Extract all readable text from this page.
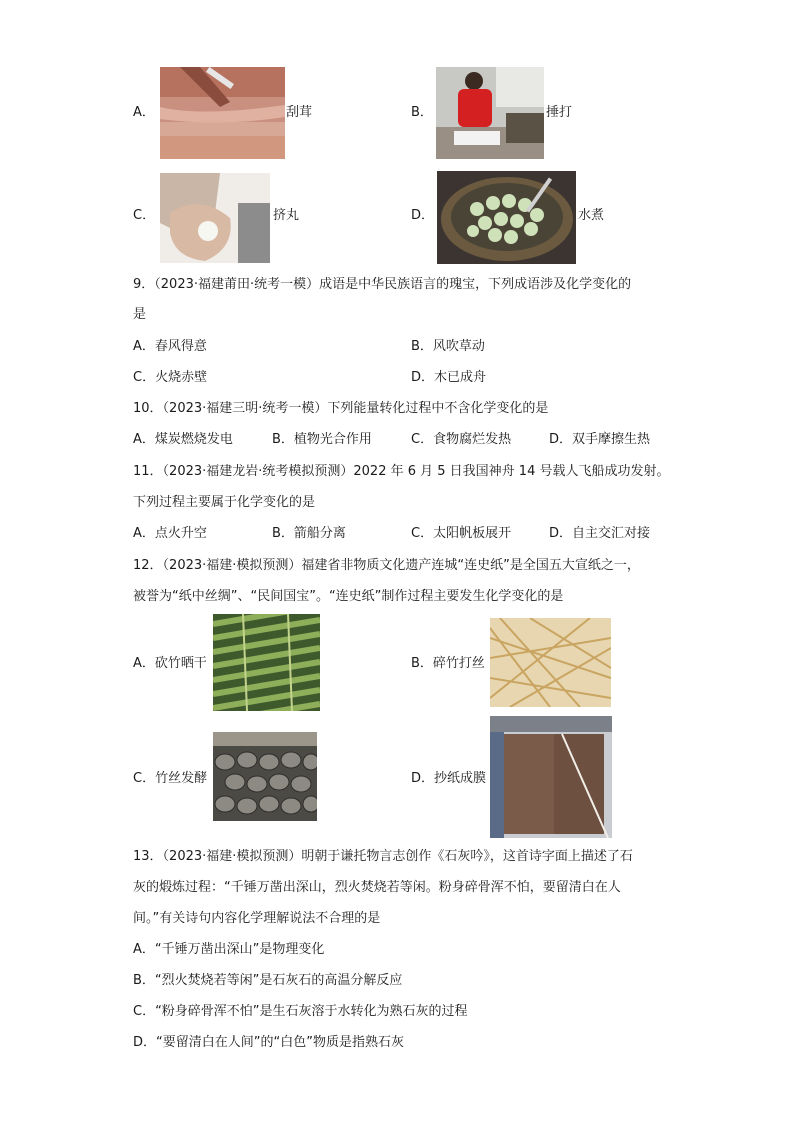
A．	刮茸	B．	捶打
C．	挤丸	D．	水煮
9．（2023·福建莆田·统考一模）成语是中华民族语言的瑰宝，下列成语涉及化学变化的
是
A．春风得意	B．风吹草动
C．火烧赤壁	D．木已成舟
10．（2023·福建三明·统考一模）下列能量转化过程中不含化学变化的是
A．煤炭燃烧发电	B．植物光合作用	C．食物腐烂发热	D．双手摩擦生热
11．（2023·福建龙岩·统考模拟预测）2022 年 6 月 5 日我国神舟 14 号载人飞船成功发射。
下列过程主要属于化学变化的是
A．点火升空	B．箭船分离	C．太阳帆板展开	D．自主交汇对接
12．（2023·福建·模拟预测）福建省非物质文化遗产连城“连史纸”是全国五大宣纸之一，
被誉为“纸中丝绸”、“民间国宝”。“连史纸”制作过程主要发生化学变化的是
A．砍竹晒干	B．碎竹打丝
C．竹丝发酵	D．抄纸成膜
13．（2023·福建·模拟预测）明朝于谦托物言志创作《石灰吟》，这首诗字面上描述了石
灰的煅炼过程：“千锤万凿出深山，烈火焚烧若等闲。粉身碎骨浑不怕，要留清白在人
间。”有关诗句内容化学理解说法不合理的是
A．“千锤万凿出深山”是物理变化
B．“烈火焚烧若等闲”是石灰石的高温分解反应
C．“粉身碎骨浑不怕”是生石灰溶于水转化为熟石灰的过程
D．“要留清白在人间”的“白色”物质是指熟石灰
